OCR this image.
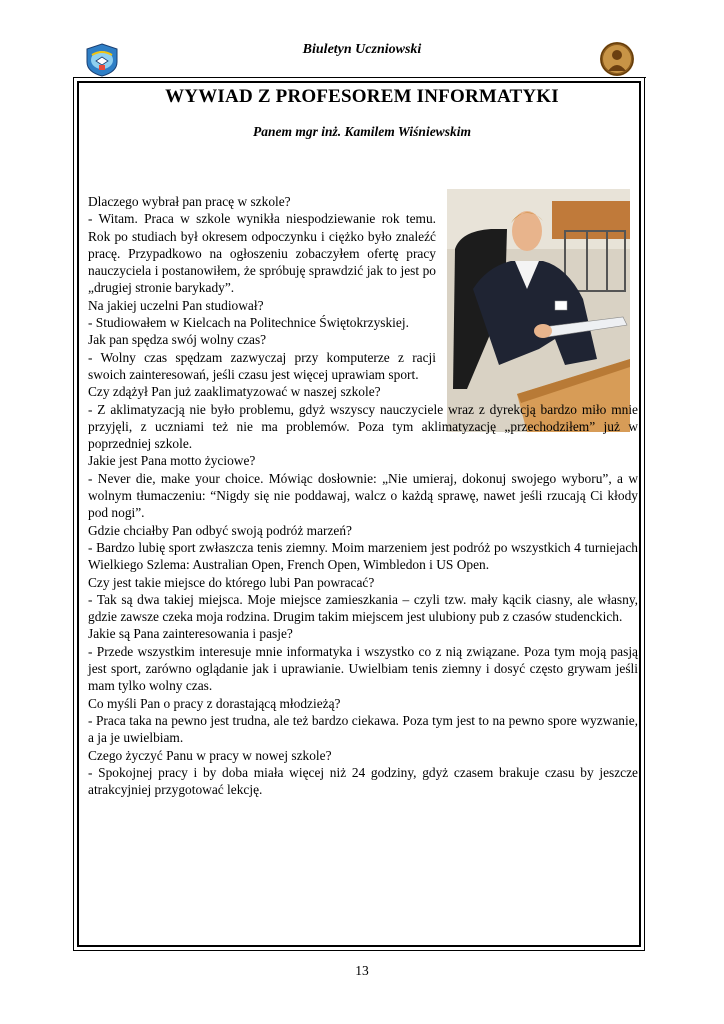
Biuletyn Uczniowski
WYWIAD Z PROFESOREM INFORMATYKI
Panem mgr inż. Kamilem Wiśniewskim

Dlaczego wybrał pan pracę w szkole?

- Witam. Praca w szkole wynikła niespodziewanie rok temu. Rok po studiach był okresem odpoczynku i ciężko było znaleźć pracę. Przypadkowo na ogłoszeniu zobaczyłem ofertę pracy nauczyciela i postanowiłem, że spróbuję sprawdzić jak to jest po „drugiej stronie barykady”.

Na jakiej uczelni Pan studiował?

- Studiowałem w Kielcach na Politechnice Świętokrzyskiej.

Jak pan spędza swój wolny czas?

- Wolny czas spędzam zazwyczaj przy komputerze z racji swoich zainteresowań, jeśli czasu jest więcej uprawiam sport.

Czy zdążył Pan już zaaklimatyzować w naszej szkole?

- Z aklimatyzacją nie było problemu, gdyż wszyscy nauczyciele wraz z dyrekcją bardzo miło mnie przyjęli, z uczniami też nie ma problemów. Poza tym aklimatyzację „przechodziłem” już w poprzedniej szkole.

Jakie jest Pana motto życiowe?

- Never die, make your choice. Mówiąc dosłownie: „Nie umieraj, dokonuj swojego wyboru”, a w wolnym tłumaczeniu: “Nigdy się nie poddawaj, walcz o każdą sprawę, nawet jeśli rzucają Ci kłody pod nogi”.

Gdzie chciałby Pan odbyć swoją podróż marzeń?

- Bardzo lubię sport zwłaszcza tenis ziemny. Moim marzeniem jest podróż po wszystkich 4 turniejach Wielkiego Szlema: Australian Open, French Open, Wimbledon i US Open.

Czy jest takie miejsce do którego lubi Pan powracać?

- Tak są dwa takiej miejsca. Moje miejsce zamieszkania – czyli tzw. mały kącik ciasny, ale własny, gdzie zawsze czeka moja rodzina. Drugim takim miejscem jest ulubiony pub z czasów studenckich.

Jakie są Pana zainteresowania i pasje?

- Przede wszystkim interesuje mnie informatyka i wszystko co z nią związane. Poza tym moją pasją jest sport, zarówno oglądanie jak i uprawianie. Uwielbiam tenis ziemny i dosyć często grywam jeśli mam tylko wolny czas.

Co myśli Pan o pracy z dorastającą młodzieżą?

- Praca taka na pewno jest trudna, ale też bardzo ciekawa. Poza tym jest to na pewno spore wyzwanie, a ja je uwielbiam.

Czego życzyć Panu w pracy w nowej szkole?

- Spokojnej pracy i by doba miała więcej niż 24 godziny, gdyż czasem brakuje czasu by jeszcze atrakcyjniej przygotować lekcję.

13
